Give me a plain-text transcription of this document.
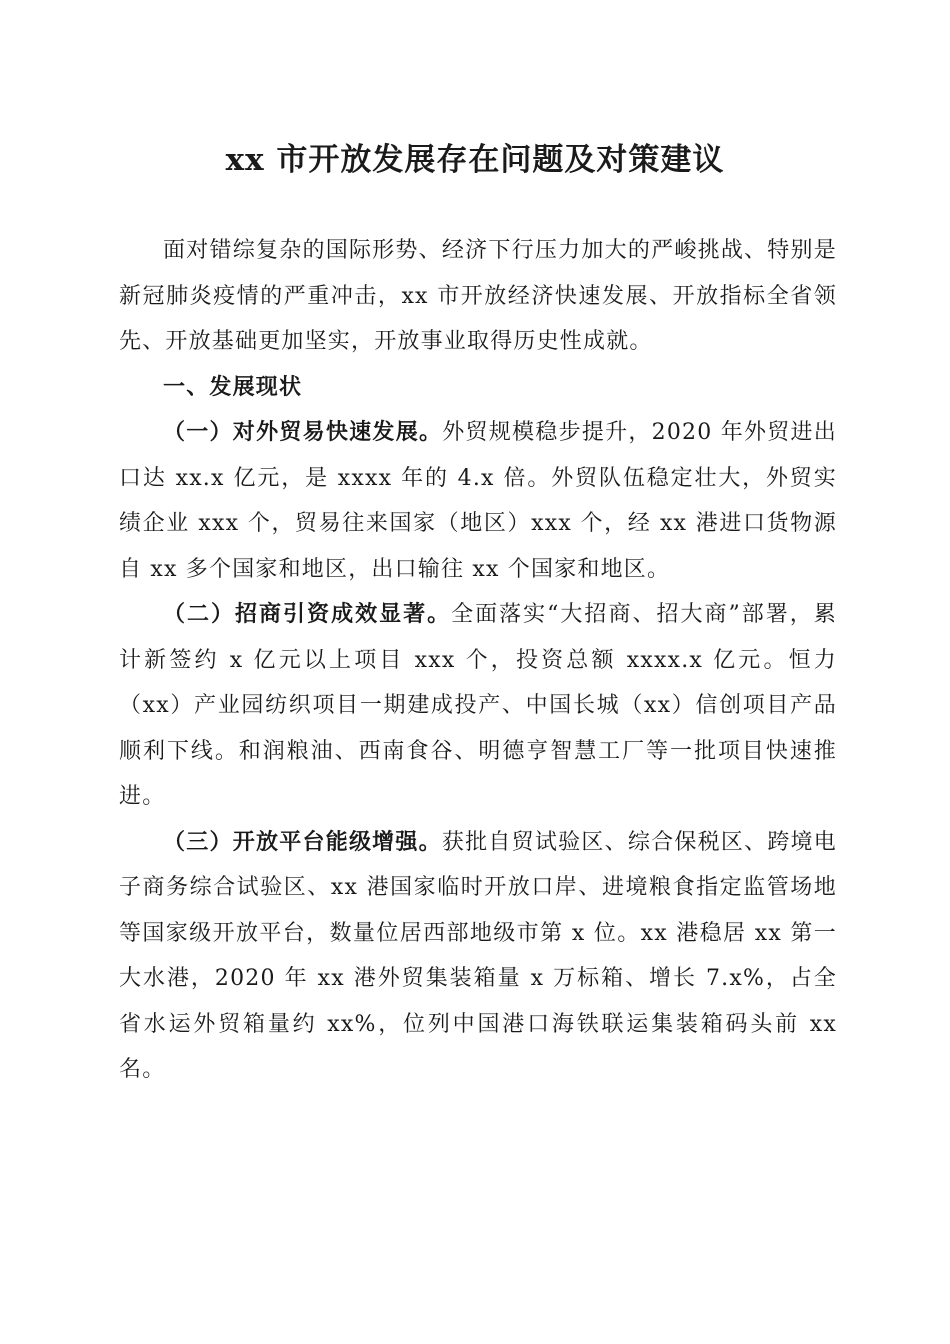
xx 市开放发展存在问题及对策建议

面对错综复杂的国际形势、经济下行压力加大的严峻挑战、特别是新冠肺炎疫情的严重冲击，xx 市开放经济快速发展、开放指标全省领先、开放基础更加坚实，开放事业取得历史性成就。

一、发展现状

（一）对外贸易快速发展。外贸规模稳步提升，2020 年外贸进出口达 xx.x 亿元，是 xxxx 年的 4.x 倍。外贸队伍稳定壮大，外贸实绩企业 xxx 个，贸易往来国家（地区）xxx 个，经 xx 港进口货物源自 xx 多个国家和地区，出口输往 xx 个国家和地区。

（二）招商引资成效显著。全面落实“大招商、招大商”部署，累计新签约 x 亿元以上项目 xxx 个，投资总额 xxxx.x 亿元。恒力（xx）产业园纺织项目一期建成投产、中国长城（xx）信创项目产品顺利下线。和润粮油、西南食谷、明德亨智慧工厂等一批项目快速推进。

（三）开放平台能级增强。获批自贸试验区、综合保税区、跨境电子商务综合试验区、xx 港国家临时开放口岸、进境粮食指定监管场地等国家级开放平台，数量位居西部地级市第 x 位。xx 港稳居 xx 第一大水港，2020 年 xx 港外贸集装箱量 x 万标箱、增长 7.x%，占全省水运外贸箱量约 xx%，位列中国港口海铁联运集装箱码头前 xx 名。
